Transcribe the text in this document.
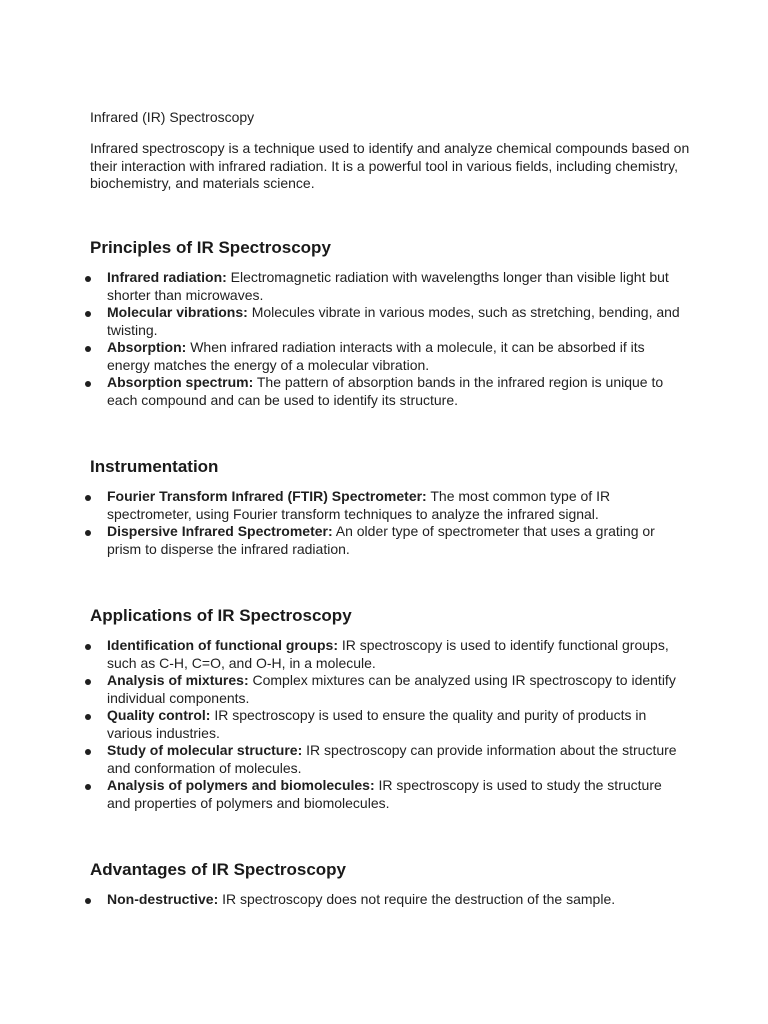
Infrared (IR) Spectroscopy

Infrared spectroscopy is a technique used to identify and analyze chemical compounds based on their interaction with infrared radiation. It is a powerful tool in various fields, including chemistry, biochemistry, and materials science.

Principles of IR Spectroscopy
Infrared radiation: Electromagnetic radiation with wavelengths longer than visible light but shorter than microwaves.
Molecular vibrations: Molecules vibrate in various modes, such as stretching, bending, and twisting.
Absorption: When infrared radiation interacts with a molecule, it can be absorbed if its energy matches the energy of a molecular vibration.
Absorption spectrum: The pattern of absorption bands in the infrared region is unique to each compound and can be used to identify its structure.
Instrumentation
Fourier Transform Infrared (FTIR) Spectrometer: The most common type of IR spectrometer, using Fourier transform techniques to analyze the infrared signal.
Dispersive Infrared Spectrometer: An older type of spectrometer that uses a grating or prism to disperse the infrared radiation.
Applications of IR Spectroscopy
Identification of functional groups: IR spectroscopy is used to identify functional groups, such as C-H, C=O, and O-H, in a molecule.
Analysis of mixtures: Complex mixtures can be analyzed using IR spectroscopy to identify individual components.
Quality control: IR spectroscopy is used to ensure the quality and purity of products in various industries.
Study of molecular structure: IR spectroscopy can provide information about the structure and conformation of molecules.
Analysis of polymers and biomolecules: IR spectroscopy is used to study the structure and properties of polymers and biomolecules.
Advantages of IR Spectroscopy
Non-destructive: IR spectroscopy does not require the destruction of the sample.
